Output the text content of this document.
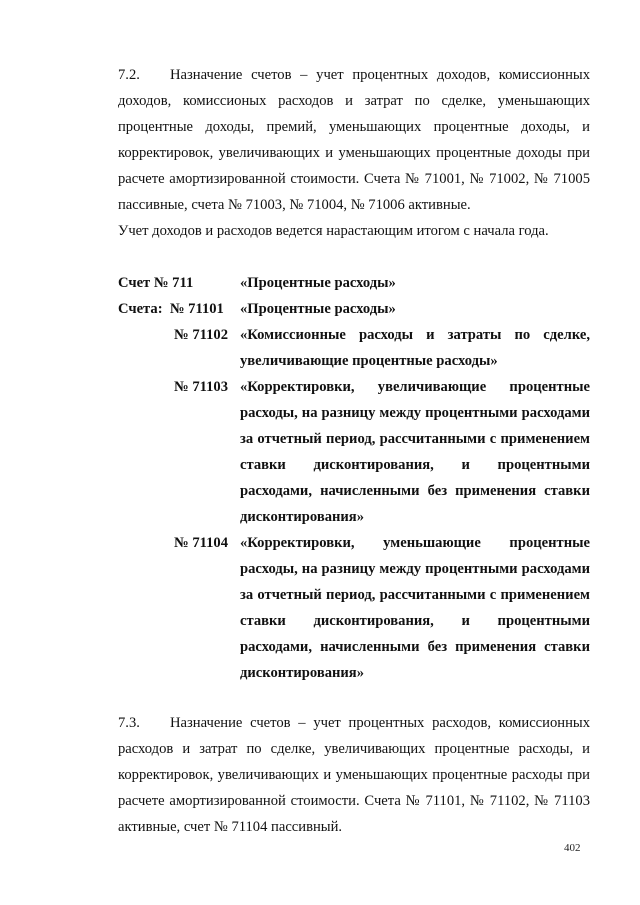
7.2. Назначение счетов – учет процентных доходов, комиссионных доходов, комиссионых расходов и затрат по сделке, уменьшающих процентные доходы, премий, уменьшающих процентные доходы, и корректировок, увеличивающих и уменьшающих процентные доходы при расчете амортизированной стоимости. Счета № 71001, № 71002, № 71005 пассивные, счета № 71003, № 71004, № 71006 активные.

Учет доходов и расходов ведется нарастающим итогом с начала года.

Счет № 711	«Процентные расходы»
Счета: № 71101	«Процентные расходы»
№ 71102 «Комиссионные расходы и затраты по сделке, увеличивающие процентные расходы»
№ 71103 «Корректировки, увеличивающие процентные расходы, на разницу между процентными расходами за отчетный период, рассчитанными с применением ставки дисконтирования, и процентными расходами, начисленными без применения ставки дисконтирования»
№ 71104 «Корректировки, уменьшающие процентные расходы, на разницу между процентными расходами за отчетный период, рассчитанными с применением ставки дисконтирования, и процентными расходами, начисленными без применения ставки дисконтирования»

7.3. Назначение счетов – учет процентных расходов, комиссионных расходов и затрат по сделке, увеличивающих процентные расходы, и корректировок, увеличивающих и уменьшающих процентные расходы при расчете амортизированной стоимости. Счета № 71101, № 71102, № 71103 активные, счет № 71104 пассивный.

402
